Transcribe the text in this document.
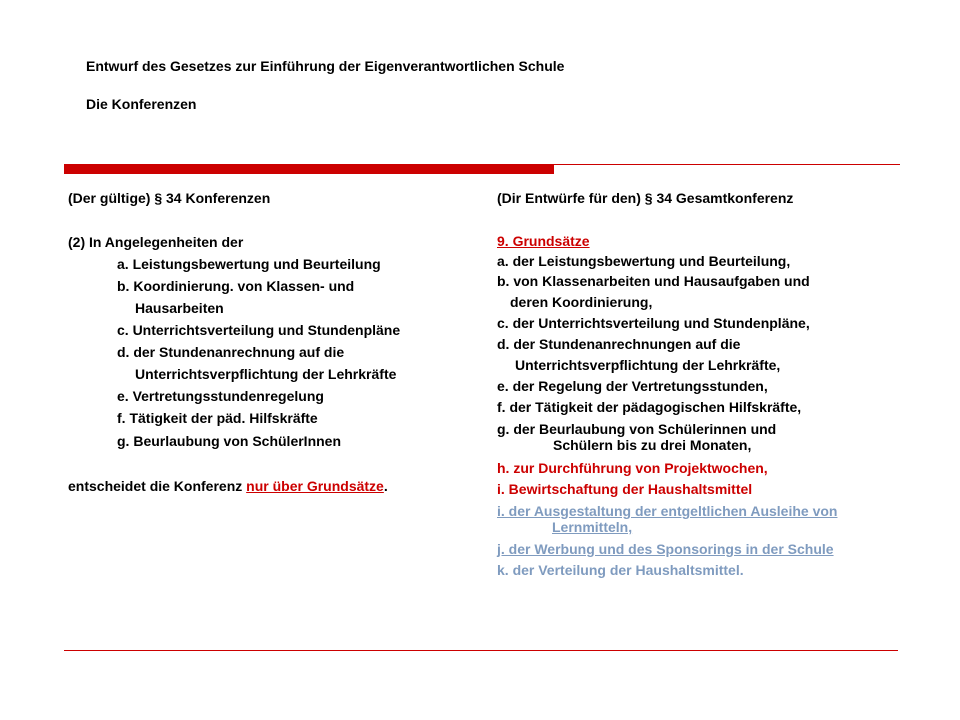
Entwurf des Gesetzes zur Einführung der Eigenverantwortlichen Schule
Die Konferenzen
(Der gültige) § 34 Konferenzen
(2) In Angelegenheiten der
a. Leistungsbewertung und Beurteilung
b. Koordinierung. von Klassen- und
Hausarbeiten
c. Unterrichtsverteilung und Stundenpläne
d. der Stundenanrechnung auf die
Unterrichtsverpflichtung der Lehrkräfte
e. Vertretungsstundenregelung
f. Tätigkeit der päd. Hilfskräfte
g. Beurlaubung von SchülerInnen
entscheidet die Konferenz nur über Grundsätze.
(Dir Entwürfe für den) § 34 Gesamtkonferenz
9. Grundsätze
a. der Leistungsbewertung und Beurteilung,
b. von Klassenarbeiten und Hausaufgaben und
deren Koordinierung,
c. der Unterrichtsverteilung und Stundenpläne,
d. der Stundenanrechnungen auf die
Unterrichtsverpflichtung der Lehrkräfte,
e. der Regelung der Vertretungsstunden,
f. der Tätigkeit der pädagogischen Hilfskräfte,
g. der Beurlaubung von Schülerinnen und
Schülern bis zu drei Monaten,
h. zur Durchführung von Projektwochen,
i. Bewirtschaftung der Haushaltsmittel
i. der Ausgestaltung der entgeltlichen Ausleihe von
Lernmitteln,
j. der Werbung und des Sponsorings in der Schule
k. der Verteilung der Haushaltsmittel.
